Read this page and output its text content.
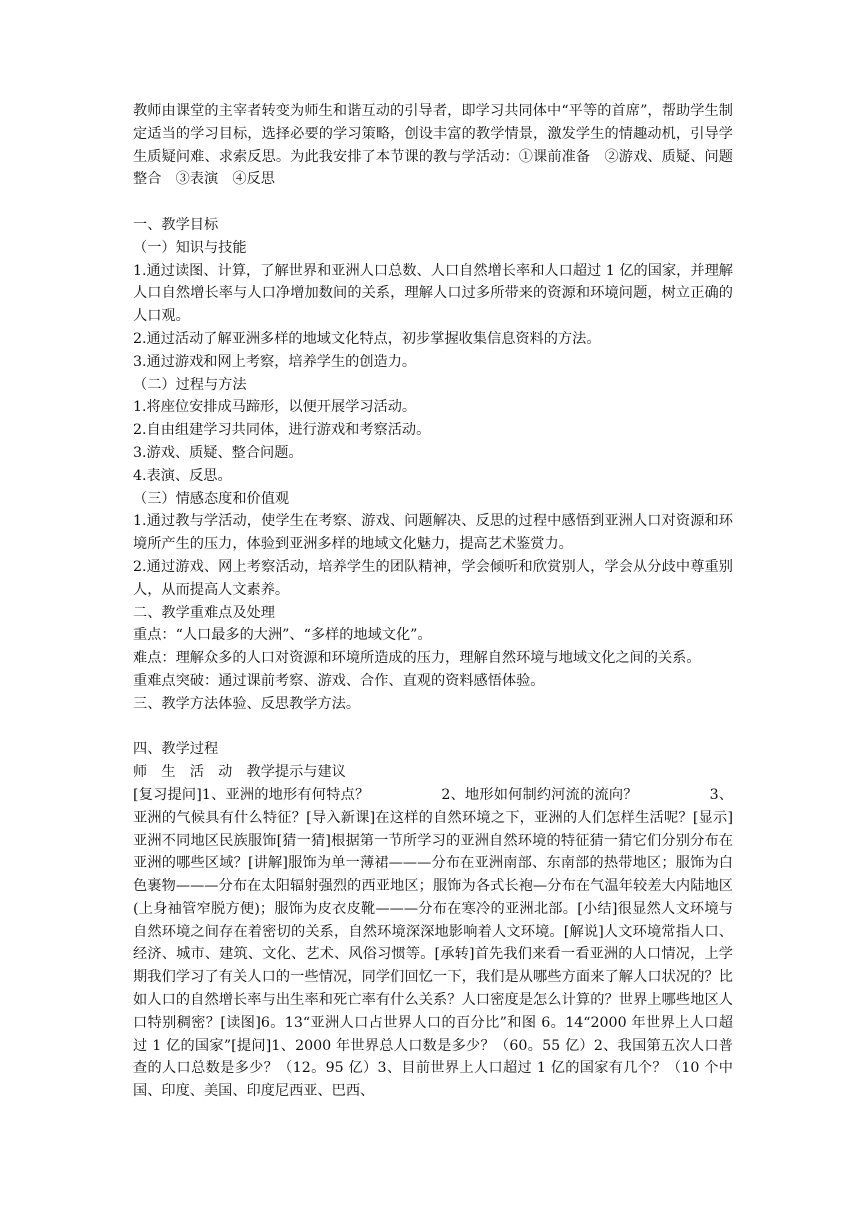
教师由课堂的主宰者转变为师生和谐互动的引导者，即学习共同体中“平等的首席”，帮助学生制定适当的学习目标，选择必要的学习策略，创设丰富的教学情景，激发学生的情趣动机，引导学生质疑问难、求索反思。为此我安排了本节课的教与学活动：①课前准备　②游戏、质疑、问题整合　③表演　④反思

一、教学目标

（一）知识与技能

1.通过读图、计算，了解世界和亚洲人口总数、人口自然增长率和人口超过 1 亿的国家，并理解人口自然增长率与人口净增加数间的关系，理解人口过多所带来的资源和环境问题，树立正确的人口观。

2.通过活动了解亚洲多样的地域文化特点，初步掌握收集信息资料的方法。

3.通过游戏和网上考察，培养学生的创造力。

（二）过程与方法

1.将座位安排成马蹄形，以便开展学习活动。

2.自由组建学习共同体，进行游戏和考察活动。

3.游戏、质疑、整合问题。

4.表演、反思。

（三）情感态度和价值观

1.通过教与学活动，使学生在考察、游戏、问题解决、反思的过程中感悟到亚洲人口对资源和环境所产生的压力，体验到亚洲多样的地域文化魅力，提高艺术鉴赏力。

2.通过游戏、网上考察活动，培养学生的团队精神，学会倾听和欣赏别人，学会从分歧中尊重别人，从而提高人文素养。

二、教学重难点及处理

重点：“人口最多的大洲”、“多样的地域文化”。

难点：理解众多的人口对资源和环境所造成的压力，理解自然环境与地域文化之间的关系。

重难点突破：通过课前考察、游戏、合作、直观的资料感悟体验。

三、教学方法体验、反思教学方法。

四、教学过程

师　生　活　动　教学提示与建议

[复习提问]1、亚洲的地形有何特点？　　　　　2、地形如何制约河流的流向？　　　　　3、亚洲的气候具有什么特征？[导入新课]在这样的自然环境之下，亚洲的人们怎样生活呢？[显示]亚洲不同地区民族服饰[猜一猜]根据第一节所学习的亚洲自然环境的特征猜一猜它们分别分布在亚洲的哪些区域？[讲解]服饰为单一薄裙———分布在亚洲南部、东南部的热带地区；服饰为白色裹物———分布在太阳辐射强烈的西亚地区；服饰为各式长袍—分布在气温年较差大内陆地区(上身袖管窄脱方便)；服饰为皮衣皮靴———分布在寒冷的亚洲北部。[小结]很显然人文环境与自然环境之间存在着密切的关系，自然环境深深地影响着人文环境。[解说]人文环境常指人口、经济、城市、建筑、文化、艺术、风俗习惯等。[承转]首先我们来看一看亚洲的人口情况，上学期我们学习了有关人口的一些情况，同学们回忆一下，我们是从哪些方面来了解人口状况的？比如人口的自然增长率与出生率和死亡率有什么关系？人口密度是怎么计算的？世界上哪些地区人口特别稠密？[读图]6。13“亚洲人口占世界人口的百分比”和图 6。14“2000 年世界上人口超过 1 亿的国家”[提问]1、2000 年世界总人口数是多少？（60。55 亿）2、我国第五次人口普查的人口总数是多少？（12。95 亿）3、目前世界上人口超过 1 亿的国家有几个？（10 个中国、印度、美国、印度尼西亚、巴西、
